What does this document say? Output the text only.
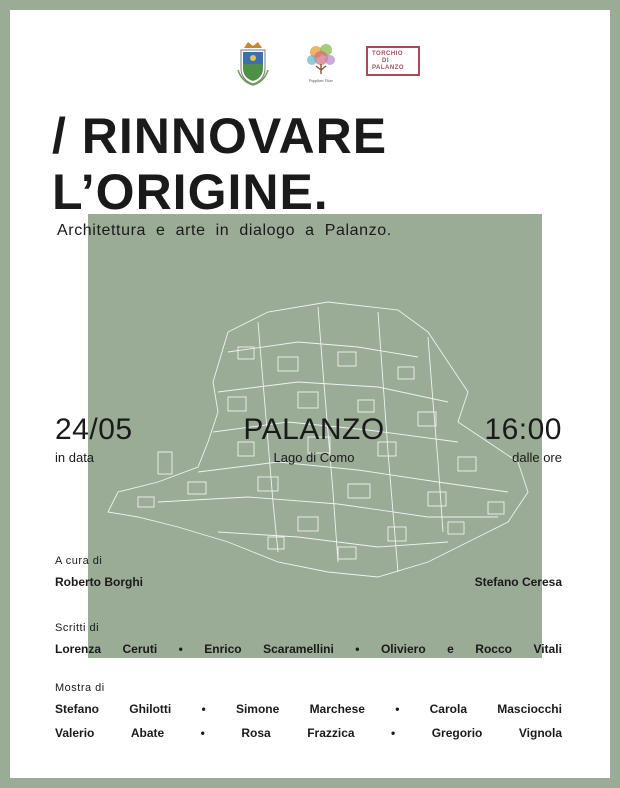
Fupplum Vitae
TORCHIO
DI
PALANZO
/ RINNOVARE
L’ORIGINE.
Architettura e arte in dialogo a Palanzo.
24/05
in data
PALANZO
Lago di Como
16:00
dalle ore
A cura di
Roberto Borghi	Stefano Ceresa
Scritti di
Lorenza Ceruti • Enrico Scaramellini • Oliviero e Rocco Vitali
Mostra di
Stefano	Ghilotti	•	Simone	Marchese	•	Carola	Masciocchi
Valerio	Abate	•	Rosa	Frazzica	•	Gregorio	Vignola
